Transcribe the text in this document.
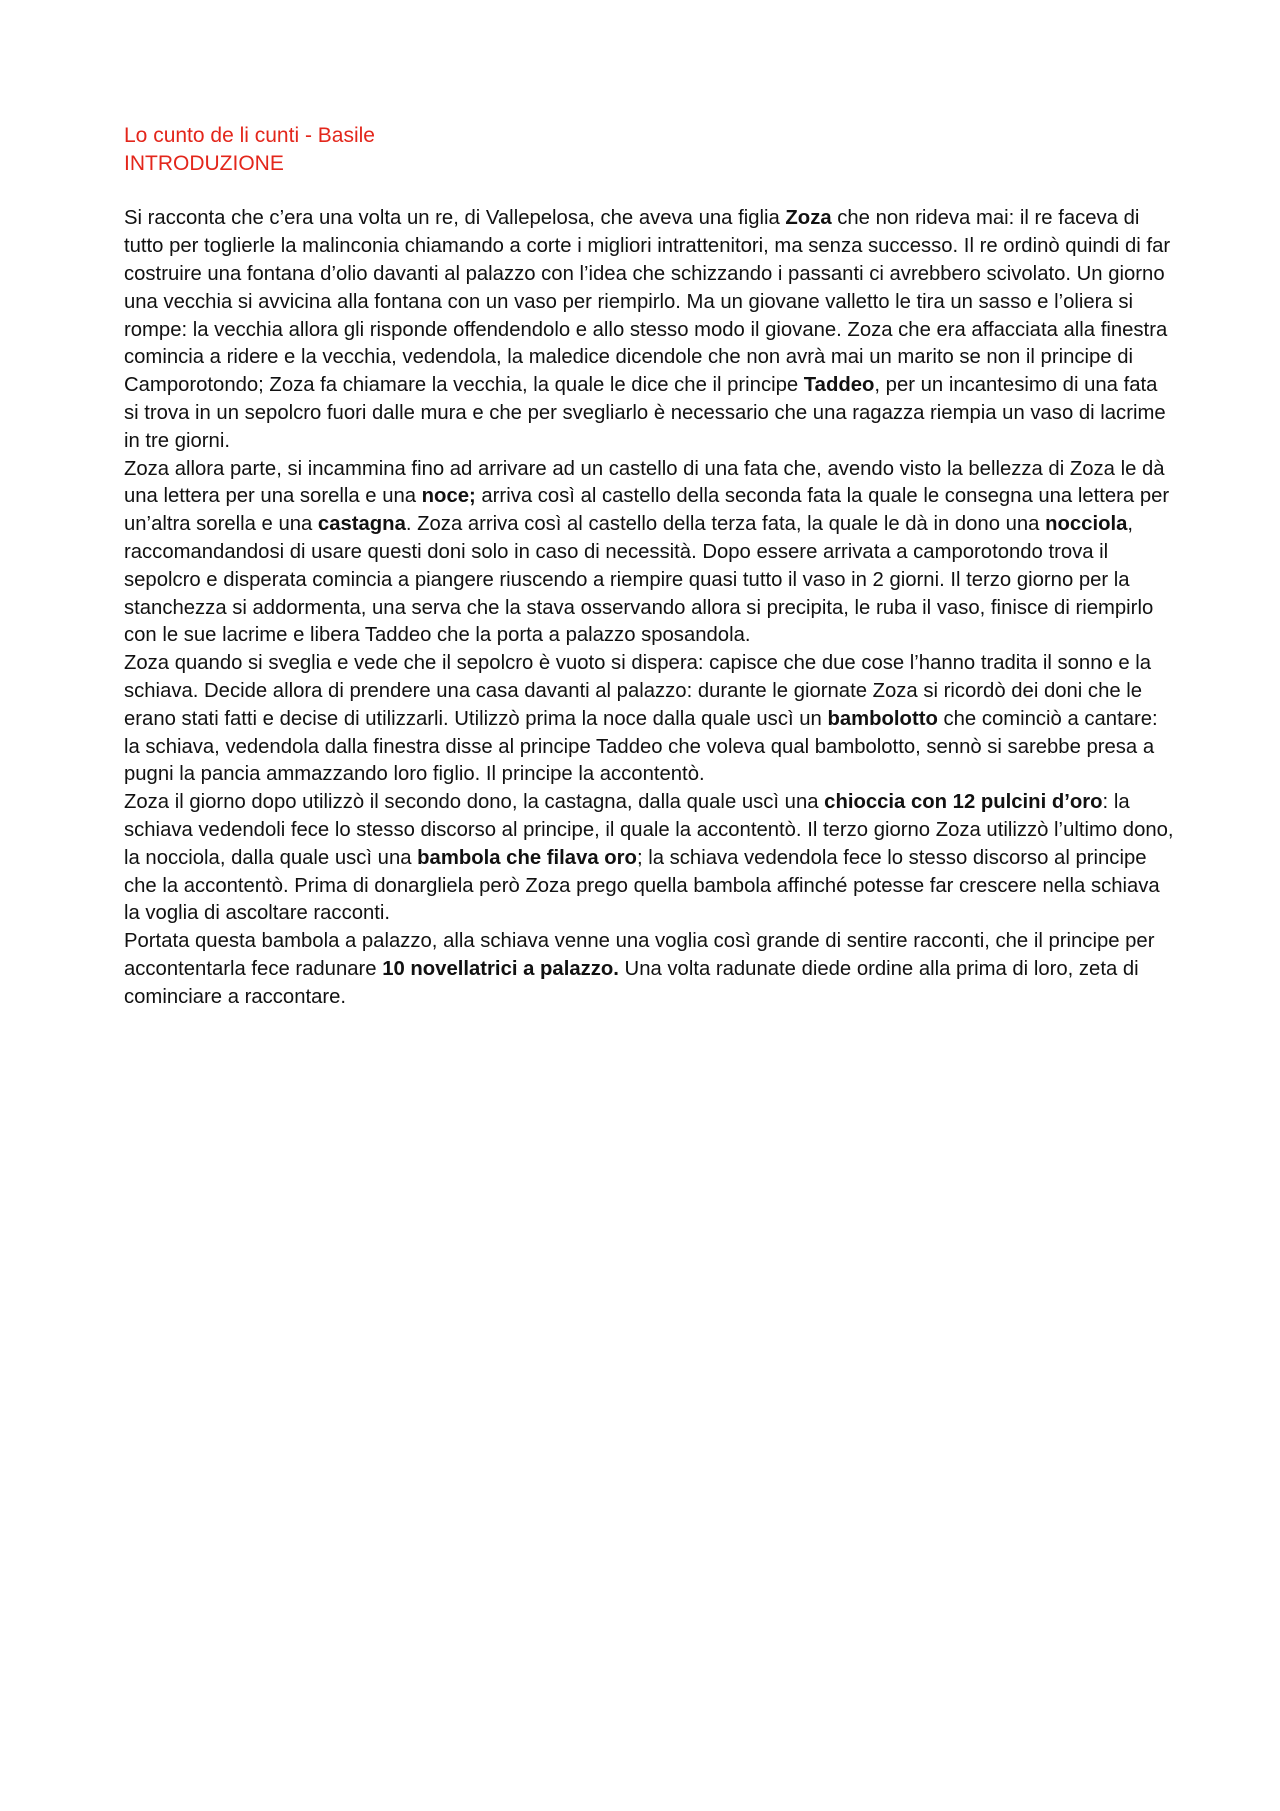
Lo cunto de li cunti - Basile
INTRODUZIONE

Si racconta che c’era una volta un re, di Vallepelosa, che aveva una figlia Zoza che non rideva mai: il re faceva di tutto per toglierle la malinconia chiamando a corte i migliori intrattenitori, ma senza successo. Il re ordinò quindi di far costruire una fontana d’olio davanti al palazzo con l’idea che schizzando i passanti ci avrebbero scivolato. Un giorno una vecchia si avvicina alla fontana con un vaso per riempirlo. Ma un giovane valletto le tira un sasso e l’oliera si rompe: la vecchia allora gli risponde offendendolo e allo stesso modo il giovane. Zoza che era affacciata alla finestra comincia a ridere e la vecchia, vedendola, la maledice dicendole che non avrà mai un marito se non il principe di Camporotondo; Zoza fa chiamare la vecchia, la quale le dice che il principe Taddeo, per un incantesimo di una fata si trova in un sepolcro fuori dalle mura e che per svegliarlo è necessario che una ragazza riempia un vaso di lacrime in tre giorni.

Zoza allora parte, si incammina fino ad arrivare ad un castello di una fata che, avendo visto la bellezza di Zoza le dà una lettera per una sorella e una noce; arriva così al castello della seconda fata la quale le consegna una lettera per un’altra sorella e una castagna. Zoza arriva così al castello della terza fata, la quale le dà in dono una nocciola, raccomandandosi di usare questi doni solo in caso di necessità. Dopo essere arrivata a camporotondo trova il sepolcro e disperata comincia a piangere riuscendo a riempire quasi tutto il vaso in 2 giorni. Il terzo giorno per la stanchezza si addormenta, una serva che la stava osservando allora si precipita, le ruba il vaso, finisce di riempirlo con le sue lacrime e libera Taddeo che la porta a palazzo sposandola.

Zoza quando si sveglia e vede che il sepolcro è vuoto si dispera: capisce che due cose l’hanno tradita il sonno e la schiava. Decide allora di prendere una casa davanti al palazzo: durante le giornate Zoza si ricordò dei doni che le erano stati fatti e decise di utilizzarli. Utilizzò prima la noce dalla quale uscì un bambolotto che cominciò a cantare: la schiava, vedendola dalla finestra disse al principe Taddeo che voleva qual bambolotto, sennò si sarebbe presa a pugni la pancia ammazzando loro figlio. Il principe la accontentò.

Zoza il giorno dopo utilizzò il secondo dono, la castagna, dalla quale uscì una chioccia con 12 pulcini d’oro: la schiava vedendoli fece lo stesso discorso al principe, il quale la accontentò. Il terzo giorno Zoza utilizzò l’ultimo dono, la nocciola, dalla quale uscì una bambola che filava oro; la schiava vedendola fece lo stesso discorso al principe che la accontentò. Prima di donargliela però Zoza prego quella bambola affinché potesse far crescere nella schiava la voglia di ascoltare racconti.

Portata questa bambola a palazzo, alla schiava venne una voglia così grande di sentire racconti, che il principe per accontentarla fece radunare 10 novellatrici a palazzo. Una volta radunate diede ordine alla prima di loro, zeta di cominciare a raccontare.
